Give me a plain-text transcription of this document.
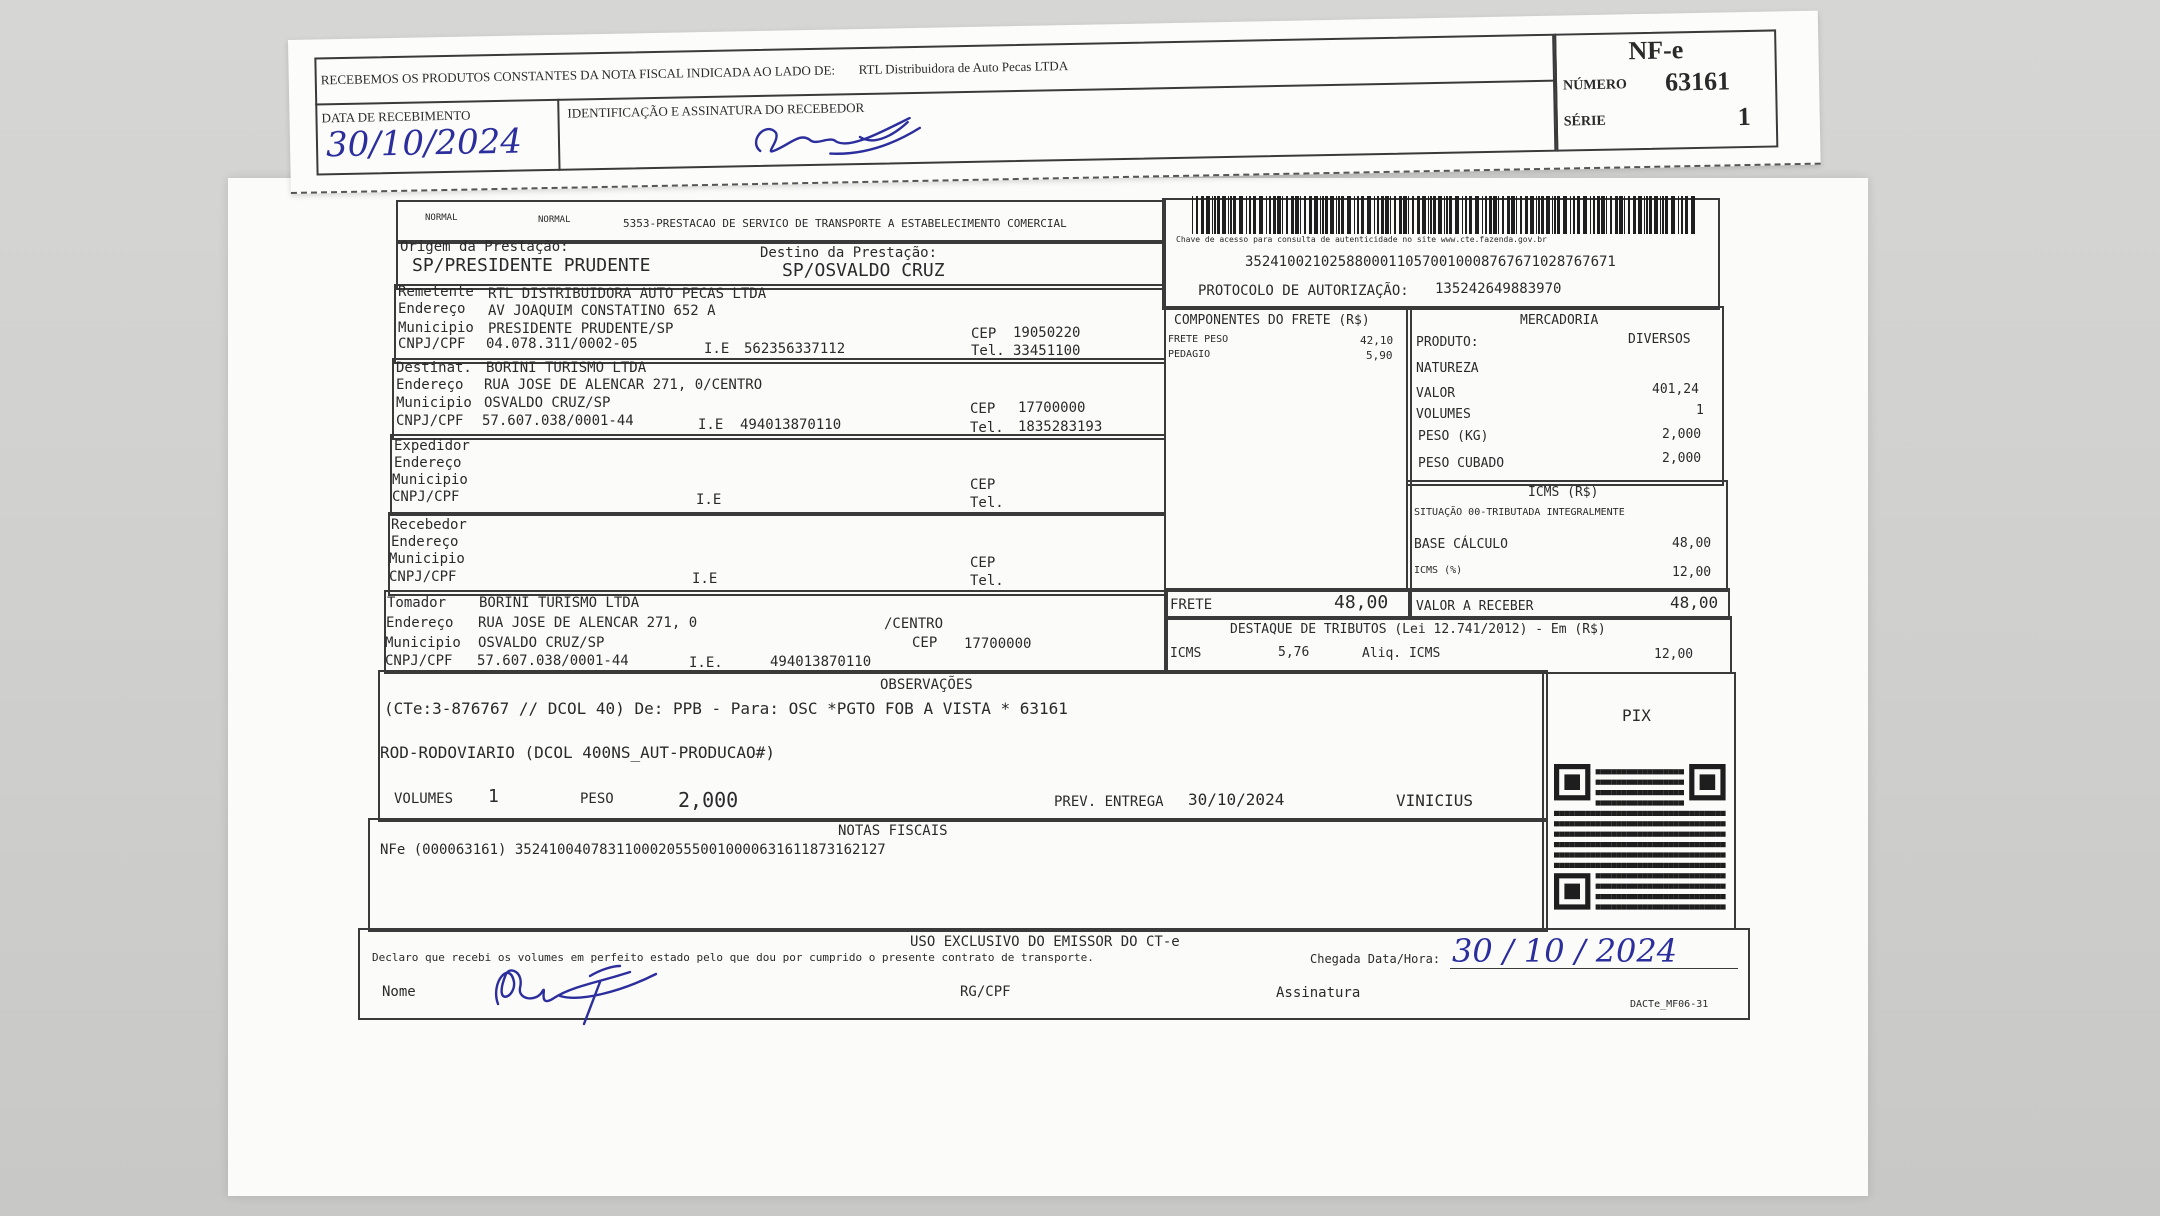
NORMAL	NORMAL	5353-PRESTACAO DE SERVICO DE TRANSPORTE A ESTABELECIMENTO COMERCIAL
Origem da Prestação:
SP/PRESIDENTE PRUDENTE
Destino da Prestação:
SP/OSVALDO CRUZ
Remetente RTL DISTRIBUIDORA AUTO PECAS LTDA
Endereço AV JOAQUIM CONSTATINO 652 A
Municipio PRESIDENTE PRUDENTE/SP
CNPJ/CPF 04.078.311/0002-05	I.E 562356337112
CEP 19050220
Tel. 33451100
Destinat. BORINI TURISMO LTDA
Endereço RUA JOSE DE ALENCAR 271, 0/CENTRO
Municipio OSVALDO CRUZ/SP
CNPJ/CPF 57.607.038/0001-44	I.E 494013870110
CEP 17700000
Tel. 1835283193
Expedidor
Endereço
Municipio
CNPJ/CPF	I.E
CEP
Tel.
Recebedor
Endereço
Municipio
CNPJ/CPF	I.E
CEP
Tel.
Tomador BORINI TURISMO LTDA
Endereço RUA JOSE DE ALENCAR 271, 0	/CENTRO
Municipio OSVALDO CRUZ/SP	CEP 17700000
CNPJ/CPF 57.607.038/0001-44	I.E.	494013870110
Chave de acesso para consulta de autenticidade no site www.cte.fazenda.gov.br
35241002102588000110570010008767671028767671
PROTOCOLO DE AUTORIZAÇÃO: 135242649883970
COMPONENTES DO FRETE (R$)
FRETE PESO	42,10
PEDAGIO	5,90
FRETE	48,00
MERCADORIA
PRODUTO:	DIVERSOS
NATUREZA
VALOR	401,24
VOLUMES	1
PESO (KG)	2,000
PESO CUBADO	2,000
ICMS (R$)
SITUAÇÃO 00-TRIBUTADA INTEGRALMENTE
BASE CÁLCULO	48,00
ICMS (%)	12,00
VALOR A RECEBER	48,00
DESTAQUE DE TRIBUTOS (Lei 12.741/2012) - Em (R$)
ICMS	5,76	Aliq. ICMS	12,00
OBSERVAÇÕES
(CTe:3-876767 // DCOL 40) De: PPB - Para: OSC *PGTO FOB A VISTA * 63161
ROD-RODOVIARIO (DCOL 400NS_AUT-PRODUCAO#)
VOLUMES 1	PESO	2,000	PREV. ENTREGA 30/10/2024	VINICIUS
PIX
NOTAS FISCAIS
NFe (000063161) 35241004078311000205550010000631611873162127
USO EXCLUSIVO DO EMISSOR DO CT-e
Declaro que recebi os volumes em perfeito estado pelo que dou por cumprido o presente contrato de transporte.	Chegada Data/Hora: 30 / 10 / 2024
Nome	RG/CPF	Assinatura
DACTe_MF06-31
RECEBEMOS OS PRODUTOS CONSTANTES DA NOTA FISCAL INDICADA AO LADO DE: RTL Distribuidora de Auto Pecas LTDA
DATA DE RECEBIMENTO
30/10/2024
IDENTIFICAÇÃO E ASSINATURA DO RECEBEDOR
NF-e
NÚMERO 63161
SÉRIE	1
